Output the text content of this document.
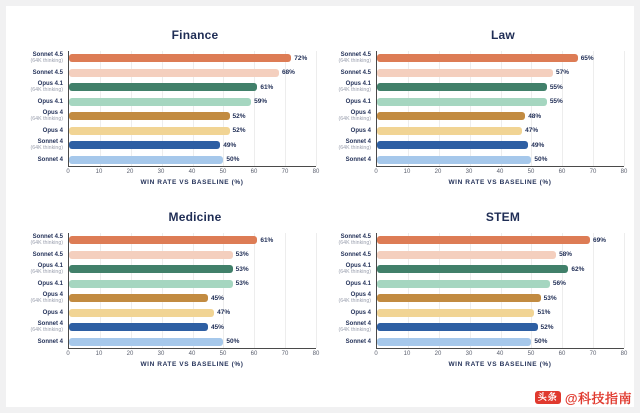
Finance
Sonnet 4.5
(64K thinking)
Sonnet 4.5
Opus 4.1
(64K thinking)
Opus 4.1
Opus 4
(64K thinking)
Opus 4
Sonnet 4
(64K thinking)
Sonnet 4
72%
68%
61%
59%
52%
52%
49%
50%
0	10	20	30	40	50	60	70	80
WIN RATE VS BASELINE (%)
Law
Sonnet 4.5
(64K thinking)
Sonnet 4.5
Opus 4.1
(64K thinking)
Opus 4.1
Opus 4
(64K thinking)
Opus 4
Sonnet 4
(64K thinking)
Sonnet 4
65%
57%
55%
55%
48%
47%
49%
50%
0	10	20	30	40	50	60	70	80
WIN RATE VS BASELINE (%)
Medicine
Sonnet 4.5
(64K thinking)
Sonnet 4.5
Opus 4.1
(64K thinking)
Opus 4.1
Opus 4
(64K thinking)
Opus 4
Sonnet 4
(64K thinking)
Sonnet 4
61%
53%
53%
53%
45%
47%
45%
50%
0	10	20	30	40	50	60	70	80
WIN RATE VS BASELINE (%)
STEM
Sonnet 4.5
(64K thinking)
Sonnet 4.5
Opus 4.1
(64K thinking)
Opus 4.1
Opus 4
(64K thinking)
Opus 4
Sonnet 4
(64K thinking)
Sonnet 4
69%
58%
62%
56%
53%
51%
52%
50%
0	10	20	30	40	50	60	70	80
WIN RATE VS BASELINE (%)
头条 @科技指南
